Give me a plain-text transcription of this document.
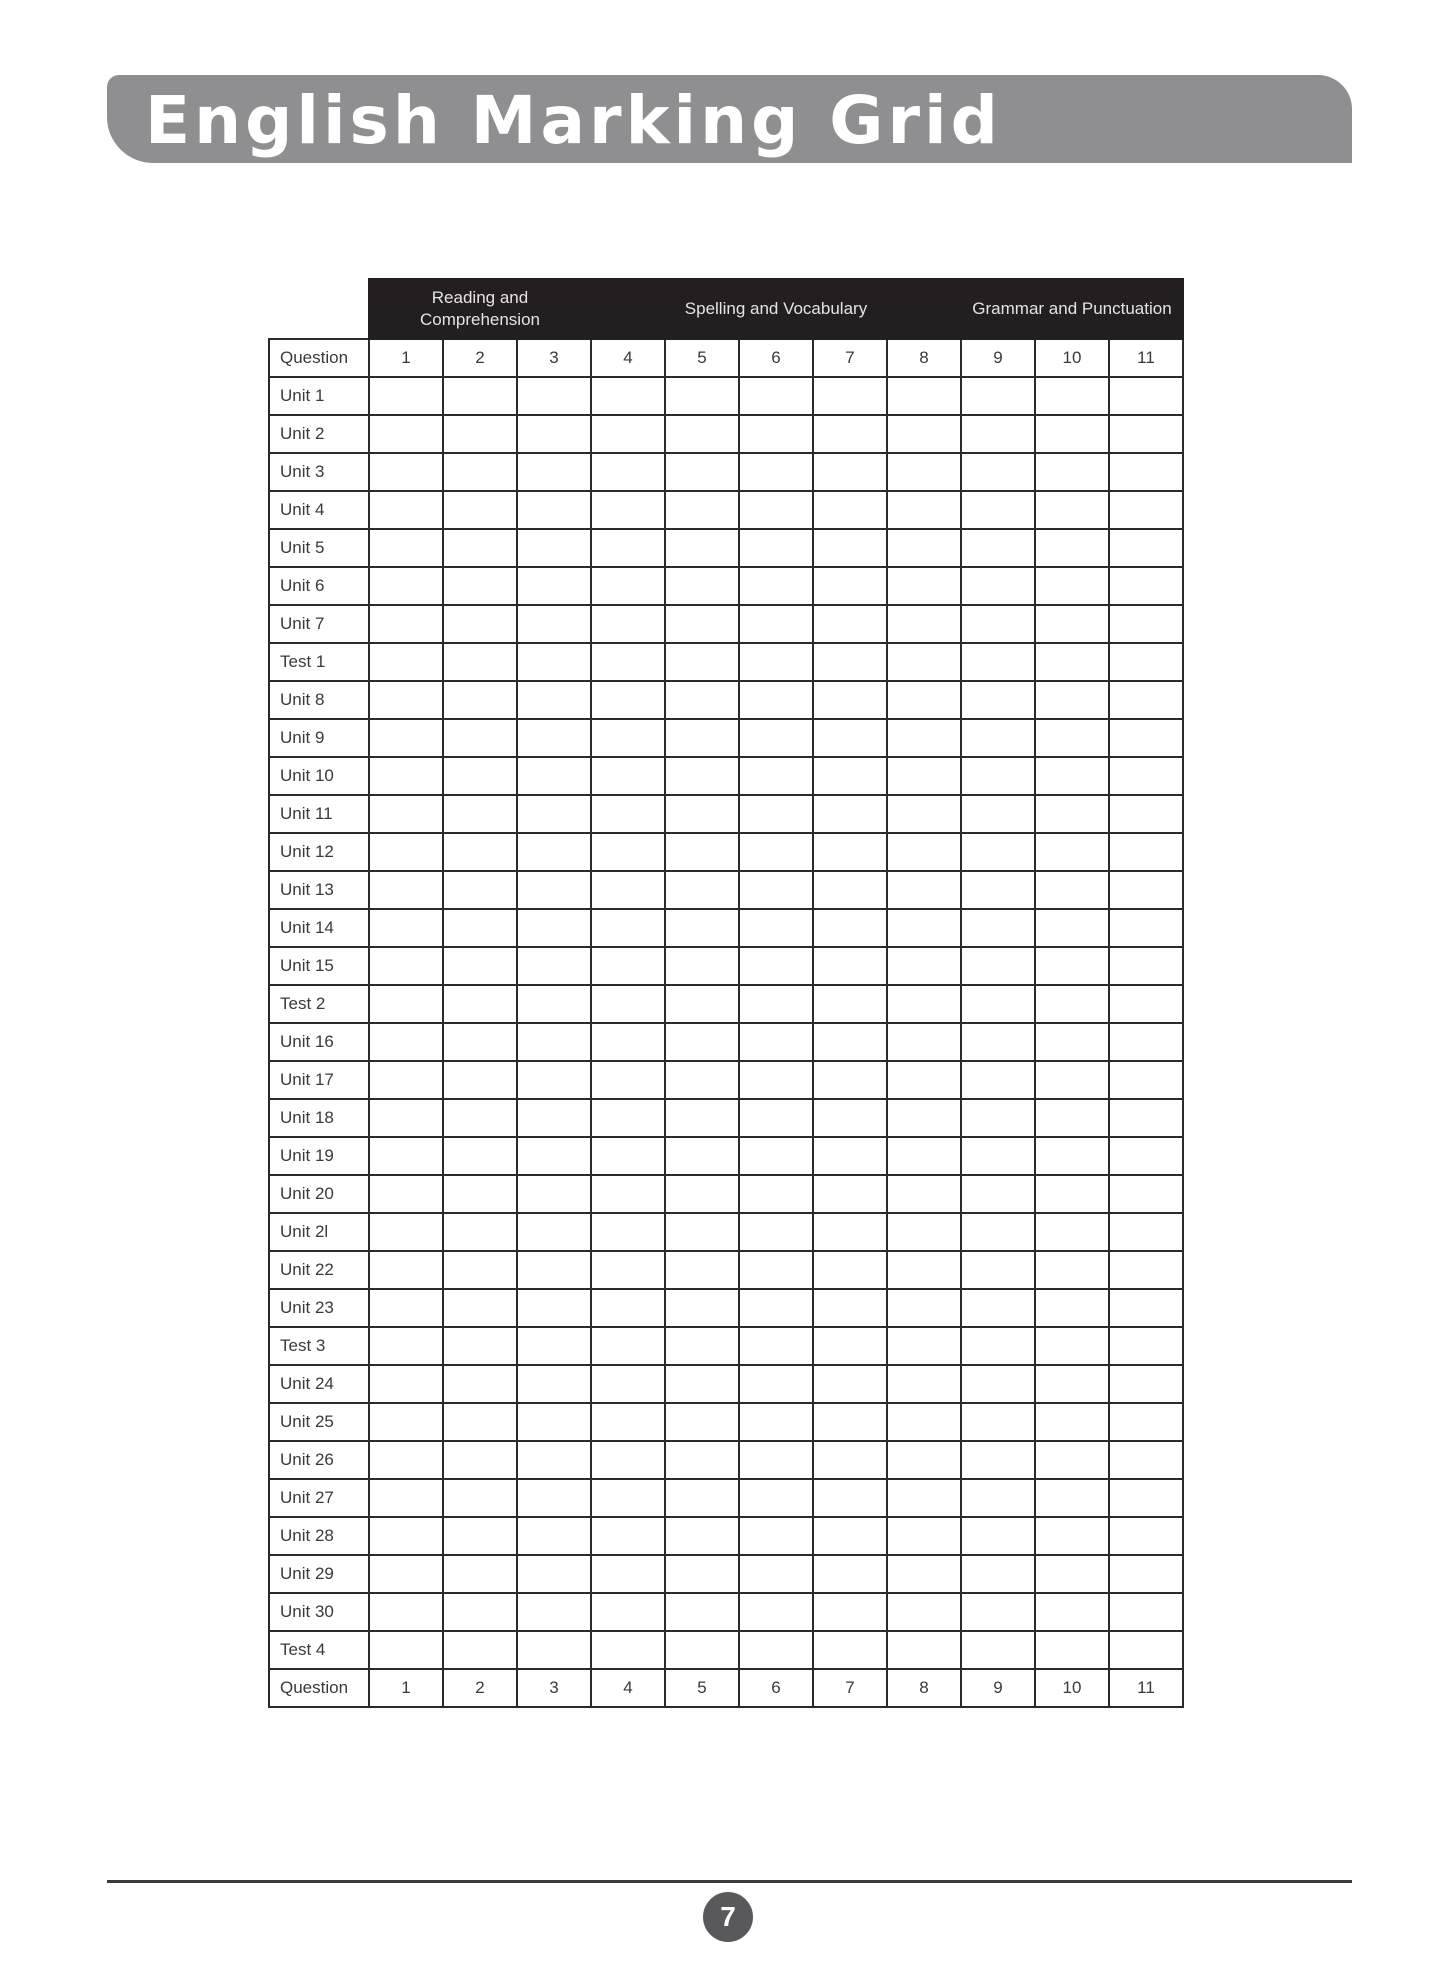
English Marking Grid
	Reading and
Comprehension			Spelling and Vocabulary					Grammar and Punctuation		
Question	1	2	3	4	5	6	7	8	9	10	11
Unit 1											
Unit 2											
Unit 3											
Unit 4											
Unit 5											
Unit 6											
Unit 7											
Test 1											
Unit 8											
Unit 9											
Unit 10											
Unit 11											
Unit 12											
Unit 13											
Unit 14											
Unit 15											
Test 2											
Unit 16											
Unit 17											
Unit 18											
Unit 19											
Unit 20											
Unit 2l											
Unit 22											
Unit 23											
Test 3											
Unit 24											
Unit 25											
Unit 26											
Unit 27											
Unit 28											
Unit 29											
Unit 30											
Test 4											
Question	1	2	3	4	5	6	7	8	9	10	11
7
